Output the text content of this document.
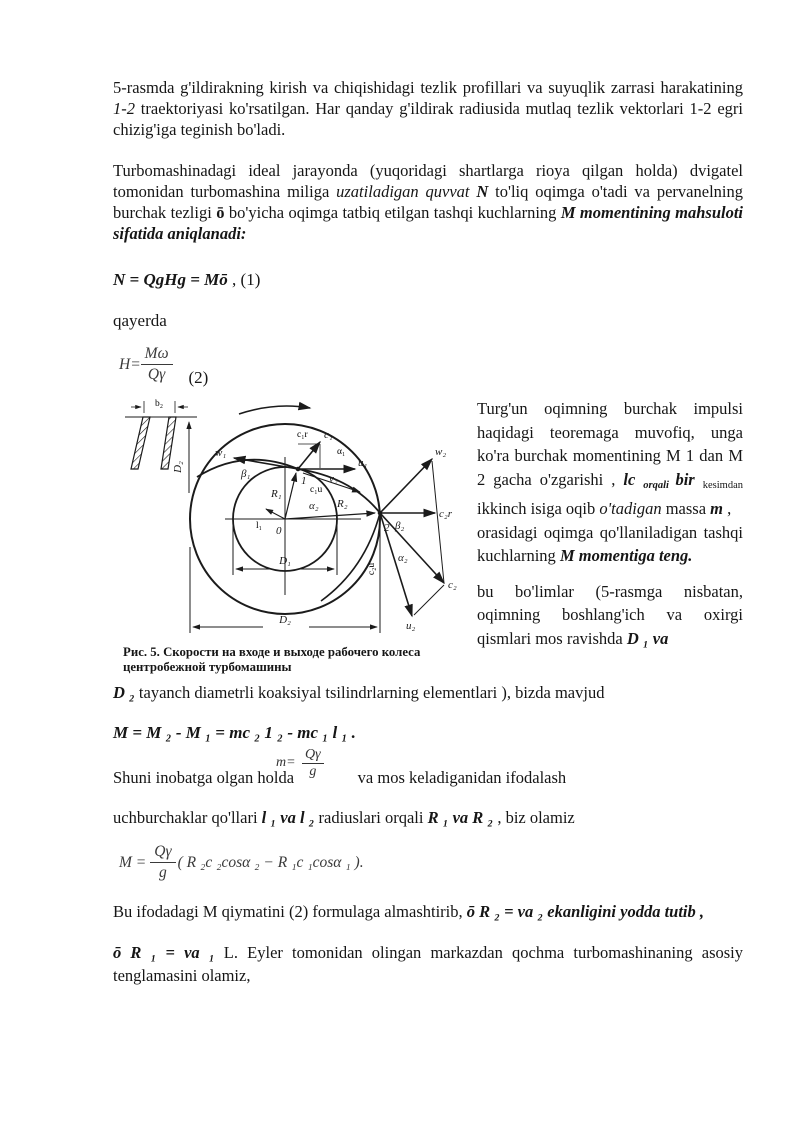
5-rasmda g'ildirakning kirish va chiqishidagi tezlik profillari va suyuqlik zarrasi harakatining 1-2 traektoriyasi ko'rsatilgan. Har qanday g'ildirak radiusida mutlaq tezlik vektorlari 1-2 egri chizig'iga teginish bo'ladi.

Turbomashinadagi ideal jarayonda (yuqoridagi shartlarga rioya qilgan holda) dvigatel tomonidan turbomashina miliga uzatiladigan quvvat N to'liq oqimga o'tadi va pervanelning burchak tezligi ō bo'yicha oqimga tatbiq etilgan tashqi kuchlarning M momentining mahsuloti sifatida aniqlanadi:

N = QgHg = Mō , (1)

qayerda

$H= \frac{M\omega}{Q\gamma} (2)$
b₂
D₂
w₁
c₁r c₁
α₁
u₁
β₁
R₁	c₁u
l₁
v₂
α₂ R₂
0
1
2
w₂
c₂r
β₂
α₂
c₂u
c₂
u₂
D₁
D₂
Рис. 5. Скорости на входе и выходе рабочего колеса
центробежной турбомашины

Turg'un oqimning burchak impulsi haqidagi teoremaga muvofiq, unga ko'ra burchak momentining M 1 dan M 2 gacha o'zgarishi , lc $_{orqali}$ bir $_{kesimdan}$ ikkinch isiga oqib o'tadigan massa m ,

orasidagi oqimga qo'llaniladigan tashqi kuchlarning M momentiga teng.

bu bo'limlar (5-rasmga nisbatan, oqimning boshlang'ich va oxirgi qismlari mos ravishda D ₁ va

D ₂ tayanch diametrli koaksiyal tsilindrlarning elementlari ), bizda mavjud

M = M ₂ - M ₁ = mc ₂ 1 ₂ - mc ₁ l ₁ .

Shuni inobatga olgan holda
m=
Qγ
g	va mos keladiganidan ifodalash

uchburchaklar qo'llari l ₁ va l ₂ radiuslari orqali R ₁ va R ₂ , biz olamiz

$M = \frac{Q\gamma}{g}$ ( R ₂c ₂cosα ₂ − R ₁c ₁cosα ₁ ).

Bu ifodadagi M qiymatini (2) formulaga almashtirib, ō R ₂ = va ₂ ekanligini yodda tutib ,

ō R ₁ = va ₁ L. Eyler tomonidan olingan markazdan qochma turbomashinaning asosiy tenglamasini olamiz,
